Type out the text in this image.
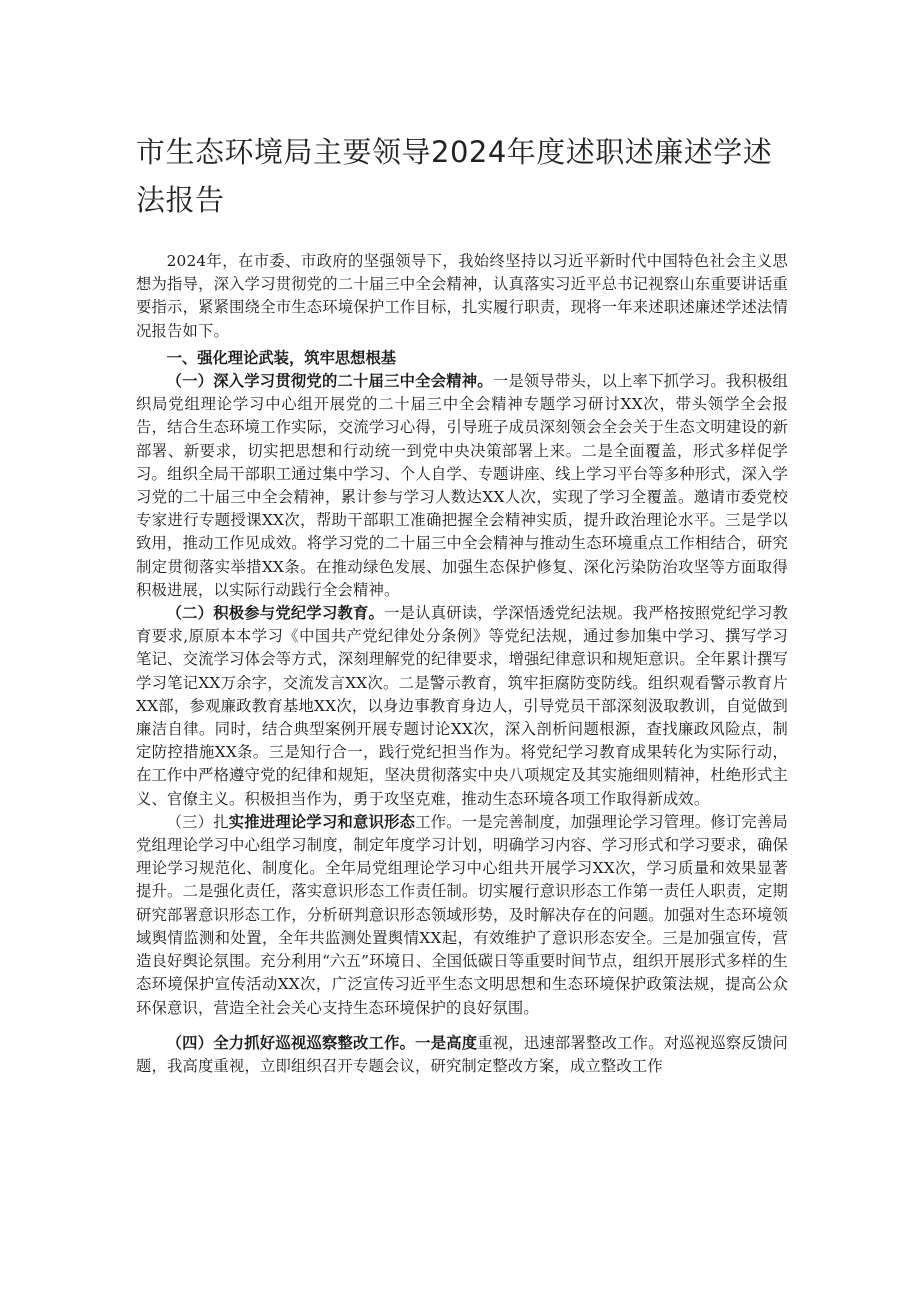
市生态环境局主要领导2024年度述职述廉述学述法报告

2024年，在市委、市政府的坚强领导下，我始终坚持以习近平新时代中国特色社会主义思想为指导，深入学习贯彻党的二十届三中全会精神，认真落实习近平总书记视察山东重要讲话重要指示，紧紧围绕全市生态环境保护工作目标，扎实履行职责，现将一年来述职述廉述学述法情况报告如下。

一、强化理论武装，筑牢思想根基

（一）深入学习贯彻党的二十届三中全会精神。一是领导带头，以上率下抓学习。我积极组织局党组理论学习中心组开展党的二十届三中全会精神专题学习研讨XX次，带头领学全会报告，结合生态环境工作实际，交流学习心得，引导班子成员深刻领会全会关于生态文明建设的新部署、新要求，切实把思想和行动统一到党中央决策部署上来。二是全面覆盖，形式多样促学习。组织全局干部职工通过集中学习、个人自学、专题讲座、线上学习平台等多种形式，深入学习党的二十届三中全会精神，累计参与学习人数达XX人次，实现了学习全覆盖。邀请市委党校专家进行专题授课XX次，帮助干部职工准确把握全会精神实质，提升政治理论水平。三是学以致用，推动工作见成效。将学习党的二十届三中全会精神与推动生态环境重点工作相结合，研究制定贯彻落实举措XX条。在推动绿色发展、加强生态保护修复、深化污染防治攻坚等方面取得积极进展，以实际行动践行全会精神。

（二）积极参与党纪学习教育。一是认真研读，学深悟透党纪法规。我严格按照党纪学习教育要求,原原本本学习《中国共产党纪律处分条例》等党纪法规，通过参加集中学习、撰写学习笔记、交流学习体会等方式，深刻理解党的纪律要求，增强纪律意识和规矩意识。全年累计撰写学习笔记XX万余字，交流发言XX次。二是警示教育，筑牢拒腐防变防线。组织观看警示教育片XX部，参观廉政教育基地XX次，以身边事教育身边人，引导党员干部深刻汲取教训，自觉做到廉洁自律。同时，结合典型案例开展专题讨论XX次，深入剖析问题根源，查找廉政风险点，制定防控措施XX条。三是知行合一，践行党纪担当作为。将党纪学习教育成果转化为实际行动，在工作中严格遵守党的纪律和规矩，坚决贯彻落实中央八项规定及其实施细则精神，杜绝形式主义、官僚主义。积极担当作为，勇于攻坚克难，推动生态环境各项工作取得新成效。

（三）扎实推进理论学习和意识形态工作。一是完善制度，加强理论学习管理。修订完善局党组理论学习中心组学习制度，制定年度学习计划，明确学习内容、学习形式和学习要求，确保理论学习规范化、制度化。全年局党组理论学习中心组共开展学习XX次，学习质量和效果显著提升。二是强化责任，落实意识形态工作责任制。切实履行意识形态工作第一责任人职责，定期研究部署意识形态工作，分析研判意识形态领域形势，及时解决存在的问题。加强对生态环境领域舆情监测和处置，全年共监测处置舆情XX起，有效维护了意识形态安全。三是加强宣传，营造良好舆论氛围。充分利用“六五”环境日、全国低碳日等重要时间节点，组织开展形式多样的生态环境保护宣传活动XX次，广泛宣传习近平生态文明思想和生态环境保护政策法规，提高公众环保意识，营造全社会关心支持生态环境保护的良好氛围。

（四）全力抓好巡视巡察整改工作。一是高度重视，迅速部署整改工作。对巡视巡察反馈问题，我高度重视，立即组织召开专题会议，研究制定整改方案，成立整改工作
